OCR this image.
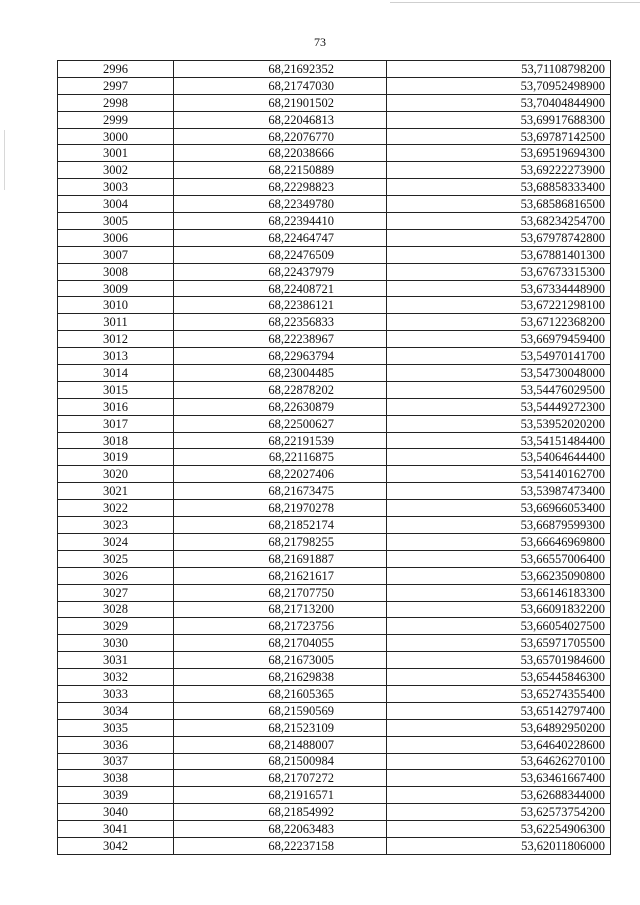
73
2996	68,21692352	53,71108798200
2997	68,21747030	53,70952498900
2998	68,21901502	53,70404844900
2999	68,22046813	53,69917688300
3000	68,22076770	53,69787142500
3001	68,22038666	53,69519694300
3002	68,22150889	53,69222273900
3003	68,22298823	53,68858333400
3004	68,22349780	53,68586816500
3005	68,22394410	53,68234254700
3006	68,22464747	53,67978742800
3007	68,22476509	53,67881401300
3008	68,22437979	53,67673315300
3009	68,22408721	53,67334448900
3010	68,22386121	53,67221298100
3011	68,22356833	53,67122368200
3012	68,22238967	53,66979459400
3013	68,22963794	53,54970141700
3014	68,23004485	53,54730048000
3015	68,22878202	53,54476029500
3016	68,22630879	53,54449272300
3017	68,22500627	53,53952020200
3018	68,22191539	53,54151484400
3019	68,22116875	53,54064644400
3020	68,22027406	53,54140162700
3021	68,21673475	53,53987473400
3022	68,21970278	53,66966053400
3023	68,21852174	53,66879599300
3024	68,21798255	53,66646969800
3025	68,21691887	53,66557006400
3026	68,21621617	53,66235090800
3027	68,21707750	53,66146183300
3028	68,21713200	53,66091832200
3029	68,21723756	53,66054027500
3030	68,21704055	53,65971705500
3031	68,21673005	53,65701984600
3032	68,21629838	53,65445846300
3033	68,21605365	53,65274355400
3034	68,21590569	53,65142797400
3035	68,21523109	53,64892950200
3036	68,21488007	53,64640228600
3037	68,21500984	53,64626270100
3038	68,21707272	53,63461667400
3039	68,21916571	53,62688344000
3040	68,21854992	53,62573754200
3041	68,22063483	53,62254906300
3042	68,22237158	53,62011806000
